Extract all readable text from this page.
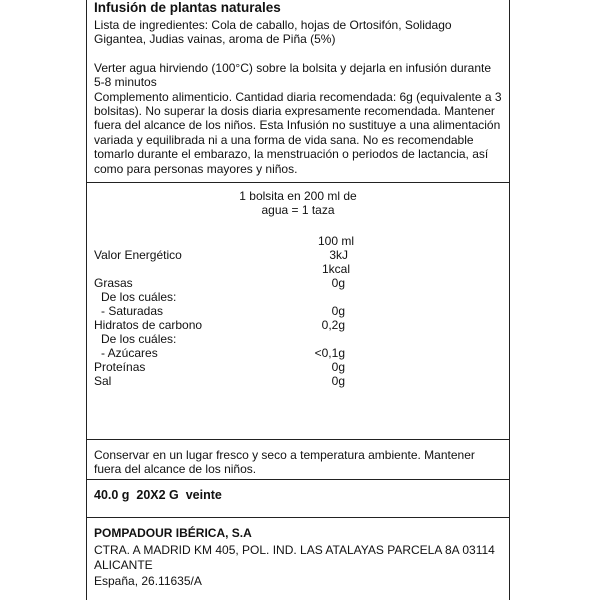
Infusión de plantas naturales

Lista de ingredientes: Cola de caballo, hojas de Ortosifón, Solidago Gigantea, Judias vainas, aroma de Piña (5%)

Verter agua hirviendo (100°C) sobre la bolsita y dejarla en infusión durante 5-8 minutos

Complemento alimenticio. Cantidad diaria recomendada: 6g (equivalente a 3 bolsitas). No superar la dosis diaria expresamente recomendada. Mantener fuera del alcance de los niños. Esta Infusión no sustituye a una alimentación variada y equilibrada ni a una forma de vida sana. No es recomendable tomarlo durante el embarazo, la menstruación o periodos de lactancia, así como para personas mayores y niños.

1 bolsita en 200 ml de
agua = 1 taza
100 ml
Valor Energético	3kJ
1kcal
Grasas	0g
De los cuáles:
- Saturadas	0g
Hidratos de carbono	0,2g
De los cuáles:
- Azúcares	<0,1g
Proteínas	0g
Sal	0g

Conservar en un lugar fresco y seco a temperatura ambiente. Mantener fuera del alcance de los niños.

40.0 g  20X2 G  veinte
POMPADOUR IBÉRICA, S.A
CTRA. A MADRID KM 405, POL. IND. LAS ATALAYAS PARCELA 8A 03114
ALICANTE
España, 26.11635/A
